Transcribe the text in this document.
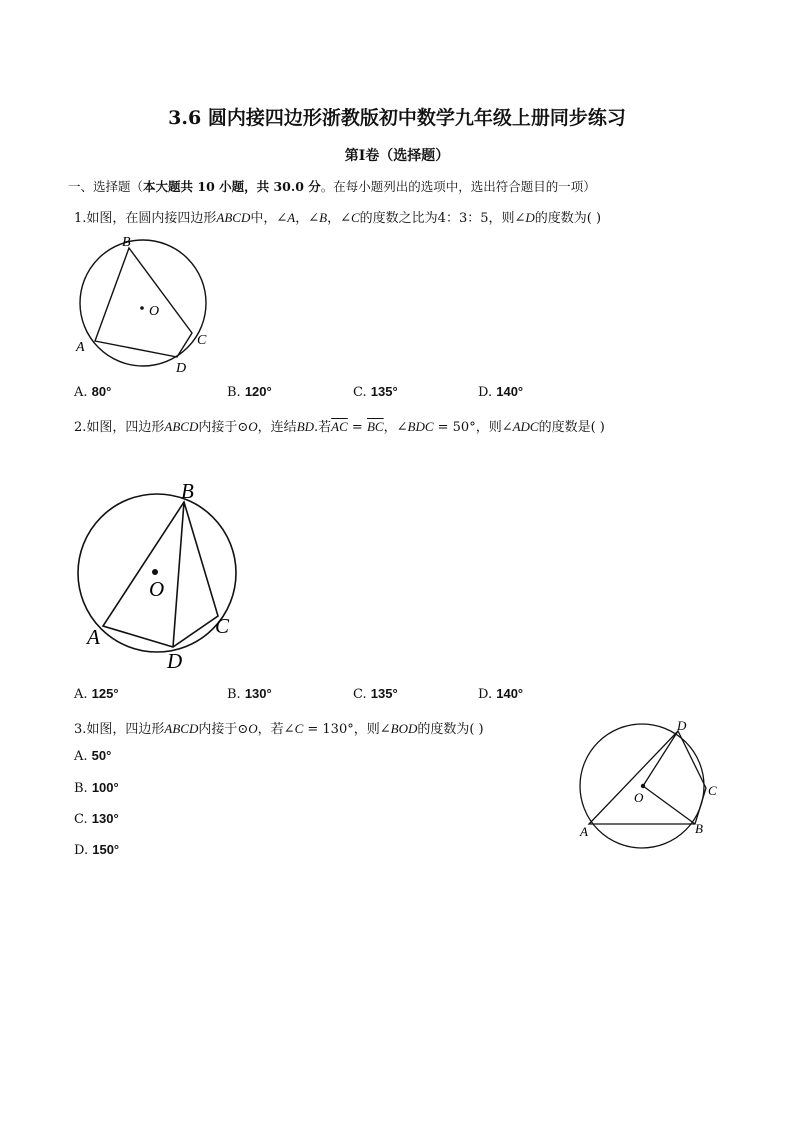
3.6 圆内接四边形浙教版初中数学九年级上册同步练习
第I卷（选择题）
一、选择题（本大题共 10 小题，共 30.0 分。在每小题列出的选项中，选出符合题目的一项）
1.如图，在圆内接四边形ABCD中，∠A，∠B，∠C的度数之比为4：3：5，则∠D的度数为( )
O
B
C
D
A
A. 80°	B. 120°	C. 135°	D. 140°
2.如图，四边形ABCD内接于⊙O，连结BD.若$\overline{AC} = \overline{BC}$，∠BDC = 50°，则∠ADC的度数是( )
O
B
C
D
A
A. 125°	B. 130°	C. 135°	D. 140°
3.如图，四边形ABCD内接于⊙O，若∠C = 130°，则∠BOD的度数为( )
A. 50°
B. 100°
C. 130°
D. 150°
O
D
C
B
A
